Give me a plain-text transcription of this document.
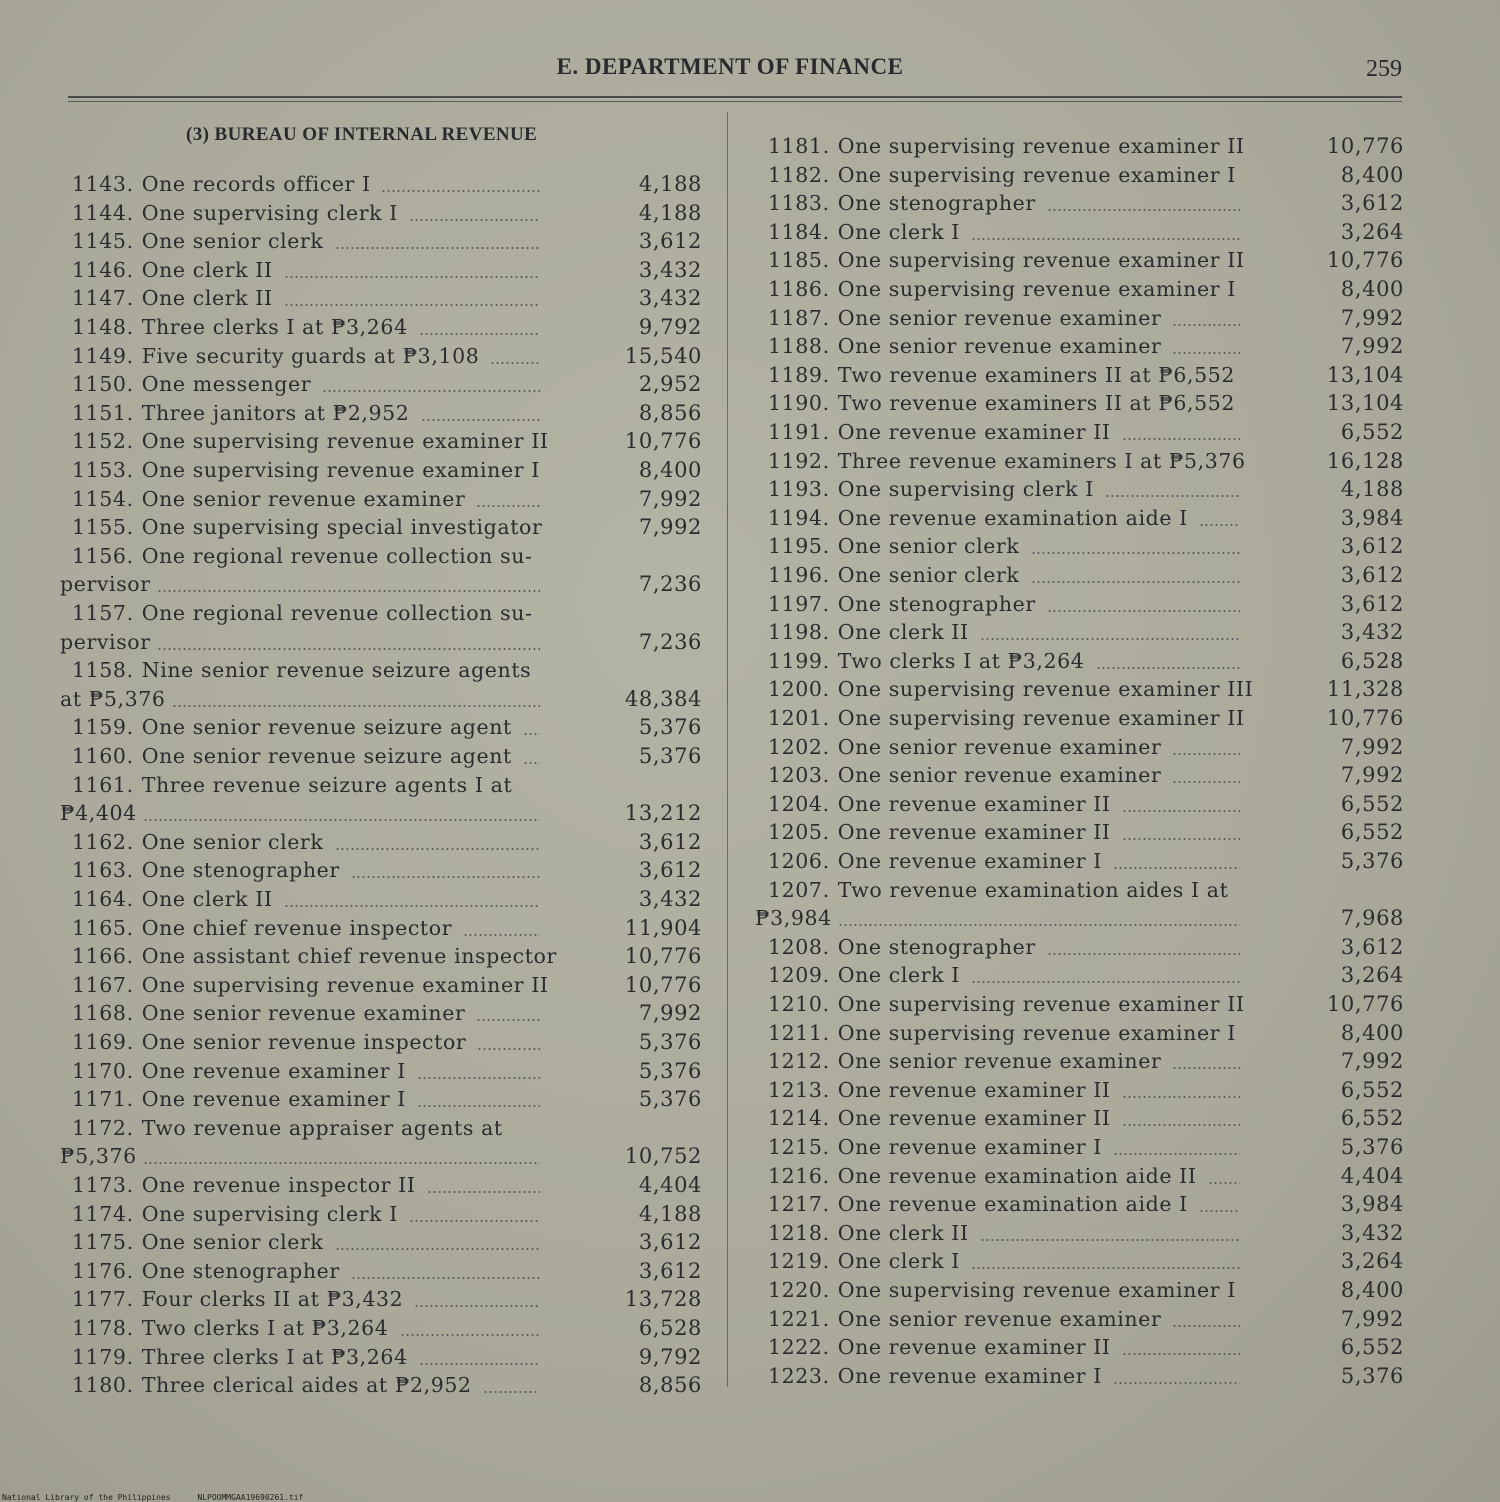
E. DEPARTMENT OF FINANCE	259
(3) BUREAU OF INTERNAL REVENUE
1143. One records officer I	4,188
1144. One supervising clerk I	4,188
1145. One senior clerk	3,612
1146. One clerk II	3,432
1147. One clerk II	3,432
1148. Three clerks I at ₱3,264	9,792
1149. Five security guards at ₱3,108	15,540
1150. One messenger	2,952
1151. Three janitors at ₱2,952	8,856
1152. One supervising revenue examiner II	10,776
1153. One supervising revenue examiner I	8,400
1154. One senior revenue examiner	7,992
1155. One supervising special investigator	7,992
1156. One regional revenue collection su-
pervisor	7,236
1157. One regional revenue collection su-
pervisor	7,236
1158. Nine senior revenue seizure agents
at ₱5,376	48,384
1159. One senior revenue seizure agent	5,376
1160. One senior revenue seizure agent	5,376
1161. Three revenue seizure agents I at
₱4,404	13,212
1162. One senior clerk	3,612
1163. One stenographer	3,612
1164. One clerk II	3,432
1165. One chief revenue inspector	11,904
1166. One assistant chief revenue inspector	10,776
1167. One supervising revenue examiner II	10,776
1168. One senior revenue examiner	7,992
1169. One senior revenue inspector	5,376
1170. One revenue examiner I	5,376
1171. One revenue examiner I	5,376
1172. Two revenue appraiser agents at
₱5,376	10,752
1173. One revenue inspector II	4,404
1174. One supervising clerk I	4,188
1175. One senior clerk	3,612
1176. One stenographer	3,612
1177. Four clerks II at ₱3,432	13,728
1178. Two clerks I at ₱3,264	6,528
1179. Three clerks I at ₱3,264	9,792
1180. Three clerical aides at ₱2,952	8,856
1181. One supervising revenue examiner II	10,776
1182. One supervising revenue examiner I	8,400
1183. One stenographer	3,612
1184. One clerk I	3,264
1185. One supervising revenue examiner II	10,776
1186. One supervising revenue examiner I	8,400
1187. One senior revenue examiner	7,992
1188. One senior revenue examiner	7,992
1189. Two revenue examiners II at ₱6,552	13,104
1190. Two revenue examiners II at ₱6,552	13,104
1191. One revenue examiner II	6,552
1192. Three revenue examiners I at ₱5,376	16,128
1193. One supervising clerk I	4,188
1194. One revenue examination aide I	3,984
1195. One senior clerk	3,612
1196. One senior clerk	3,612
1197. One stenographer	3,612
1198. One clerk II	3,432
1199. Two clerks I at ₱3,264	6,528
1200. One supervising revenue examiner III	11,328
1201. One supervising revenue examiner II	10,776
1202. One senior revenue examiner	7,992
1203. One senior revenue examiner	7,992
1204. One revenue examiner II	6,552
1205. One revenue examiner II	6,552
1206. One revenue examiner I	5,376
1207. Two revenue examination aides I at
₱3,984	7,968
1208. One stenographer	3,612
1209. One clerk I	3,264
1210. One supervising revenue examiner II	10,776
1211. One supervising revenue examiner I	8,400
1212. One senior revenue examiner	7,992
1213. One revenue examiner II	6,552
1214. One revenue examiner II	6,552
1215. One revenue examiner I	5,376
1216. One revenue examination aide II	4,404
1217. One revenue examination aide I	3,984
1218. One clerk II	3,432
1219. One clerk I	3,264
1220. One supervising revenue examiner I	8,400
1221. One senior revenue examiner	7,992
1222. One revenue examiner II	6,552
1223. One revenue examiner I	5,376
National Library of the Philippines	NLPOOMMGAA19690261.tif
